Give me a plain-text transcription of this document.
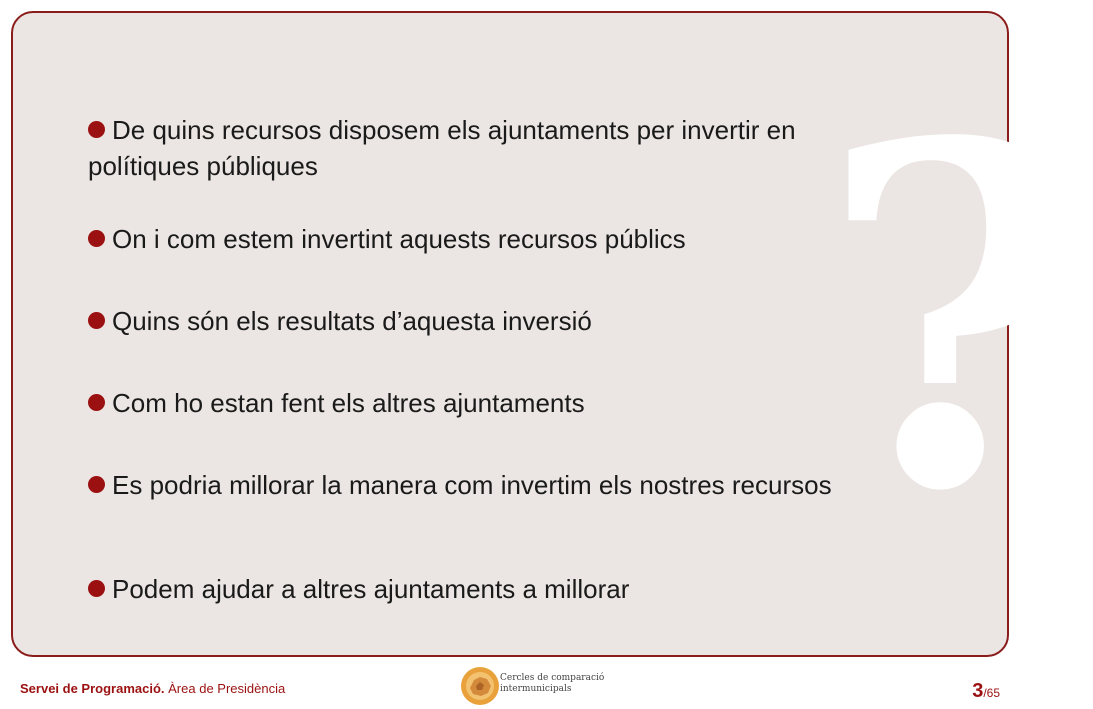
?
De quins recursos disposem els ajuntaments per invertir en polítiques públiques
On i com estem invertint aquests recursos públics
Quins són els resultats d’aquesta inversió
Com ho estan fent els altres ajuntaments
Es podria millorar la manera com invertim els nostres recursos
Podem ajudar a altres ajuntaments a millorar
Servei de Programació. Àrea de Presidència
Cercles de comparació
intermunicipals	3/65
